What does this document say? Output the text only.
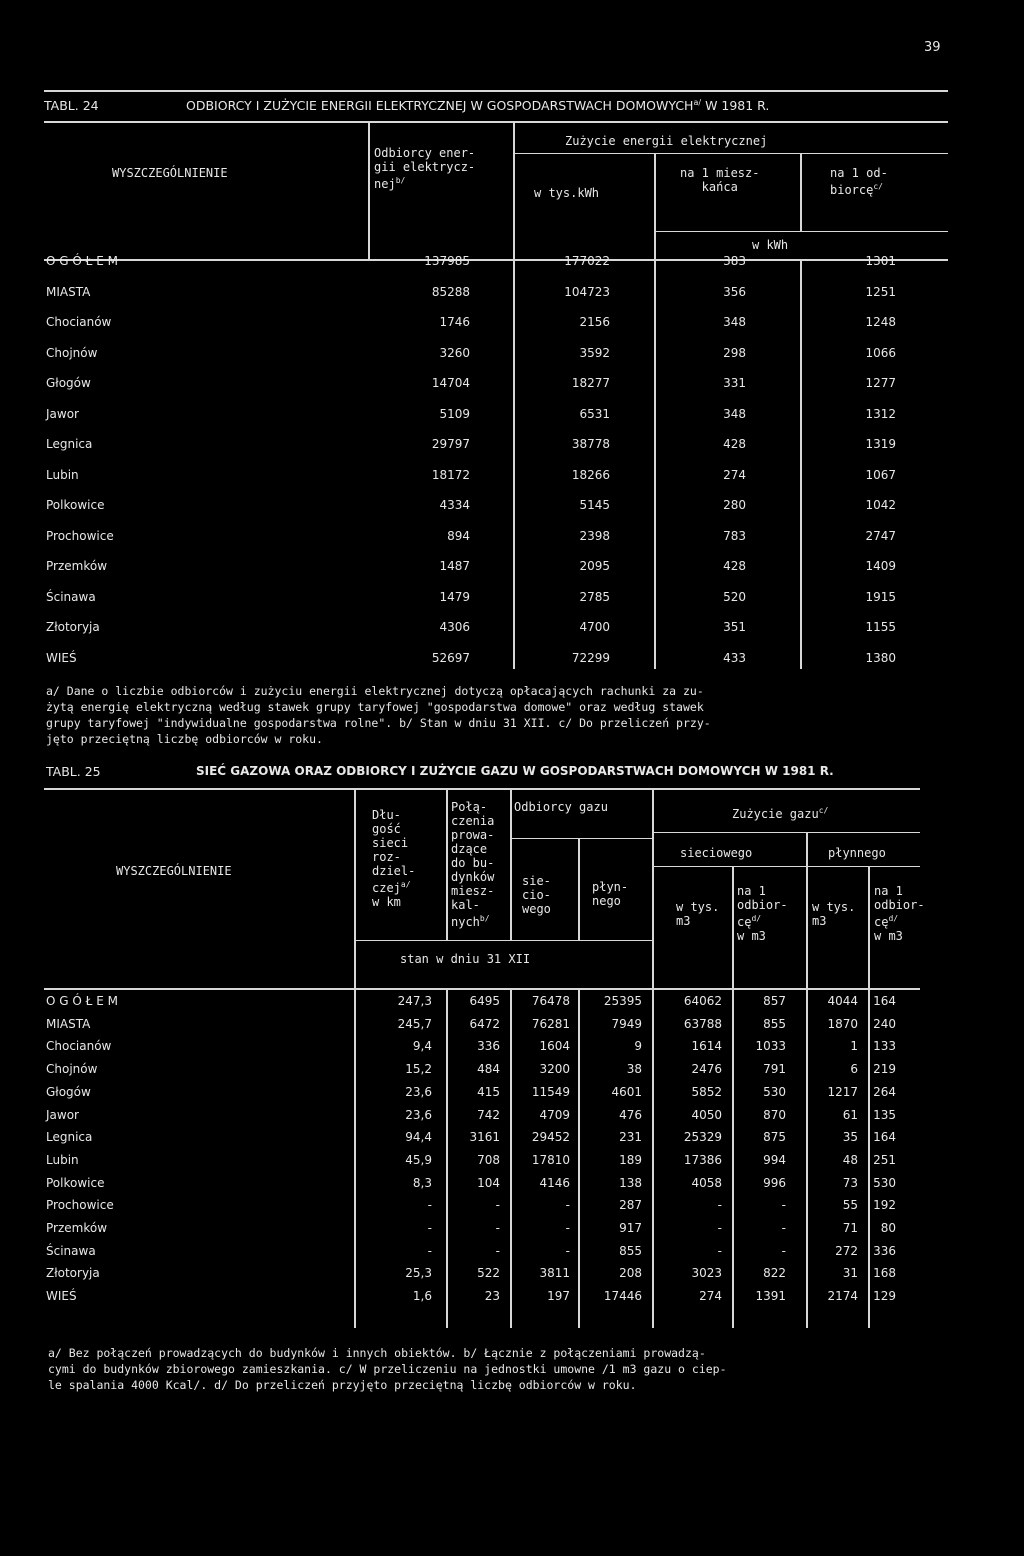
39
TABL. 24	ODBIORCY I ZUŻYCIE ENERGII ELEKTRYCZNEJ W GOSPODARSTWACH $DOMOWYCH^{a/}$ W 1981 R.
WYSZCZEGÓLNIENIE
Odbiorcy ener-
gii elektrycz-
nej$^{b/}$
Zużycie energii elektrycznej
w tys.kWh
na 1 miesz-
kańca
na 1 od-
biorcę$^{c/}$
w kWh
O G Ó Ł E M	137985	177022	383	1301
MIASTA	85288	104723	356	1251
Chocianów	1746	2156	348	1248
Chojnów	3260	3592	298	1066
Głogów	14704	18277	331	1277
Jawor	5109	6531	348	1312
Legnica	29797	38778	428	1319
Lubin	18172	18266	274	1067
Polkowice	4334	5145	280	1042
Prochowice	894	2398	783	2747
Przemków	1487	2095	428	1409
Ścinawa	1479	2785	520	1915
Złotoryja	4306	4700	351	1155
WIEŚ	52697	72299	433	1380
a/ Dane o liczbie odbiorców i zużyciu energii elektrycznej dotyczą opłacających rachunki za zu-
żytą energię elektryczną według stawek grupy taryfowej "gospodarstwa domowe" oraz według stawek
grupy taryfowej "indywidualne gospodarstwa rolne". b/ Stan w dniu 31 XII. c/ Do przeliczeń przy-
jęto przeciętną liczbę odbiorców w roku.
TABL. 25	SIEĆ GAZOWA ORAZ ODBIORCY I ZUŻYCIE GAZU W GOSPODARSTWACH DOMOWYCH W 1981 R.
WYSZCZEGÓLNIENIE
Dłu-
gość
sieci
roz-
dziel-
czej$^{a/}$
w km
Połą-
czenia
prowa-
dzące
do bu-
dynków
miesz-
kal-
nych$^{b/}$
Odbiorcy gazu
sie-
cio-
wego
płyn-
nego
Zużycie gazu$^{c/}$
sieciowego	płynnego
w tys.
m3
na 1
odbior-
$cę^{d/}$
w m3
w tys.
m3
na 1
odbior-
$cę^{d/}$
w m3
stan w dniu 31 XII
O G Ó Ł E M	247,3	6495	76478	25395	64062	857	4044	164
MIASTA	245,7	6472	76281	7949	63788	855	1870	240
Chocianów	9,4	336	1604	9	1614	1033	1	133
Chojnów	15,2	484	3200	38	2476	791	6	219
Głogów	23,6	415	11549	4601	5852	530	1217	264
Jawor	23,6	742	4709	476	4050	870	61	135
Legnica	94,4	3161	29452	231	25329	875	35	164
Lubin	45,9	708	17810	189	17386	994	48	251
Polkowice	8,3	104	4146	138	4058	996	73	530
Prochowice	-	-	-	287	-	-	55	192
Przemków	-	-	-	917	-	-	71	80
Ścinawa	-	-	-	855	-	-	272	336
Złotoryja	25,3	522	3811	208	3023	822	31	168
WIEŚ	1,6	23	197	17446	274	1391	2174	129
a/ Bez połączeń prowadzących do budynków i innych obiektów. b/ Łącznie z połączeniami prowadzą-
cymi do budynków zbiorowego zamieszkania. c/ W przeliczeniu na jednostki umowne /1 m3 gazu o ciep-
le spalania 4000 Kcal/. d/ Do przeliczeń przyjęto przeciętną liczbę odbiorców w roku.
